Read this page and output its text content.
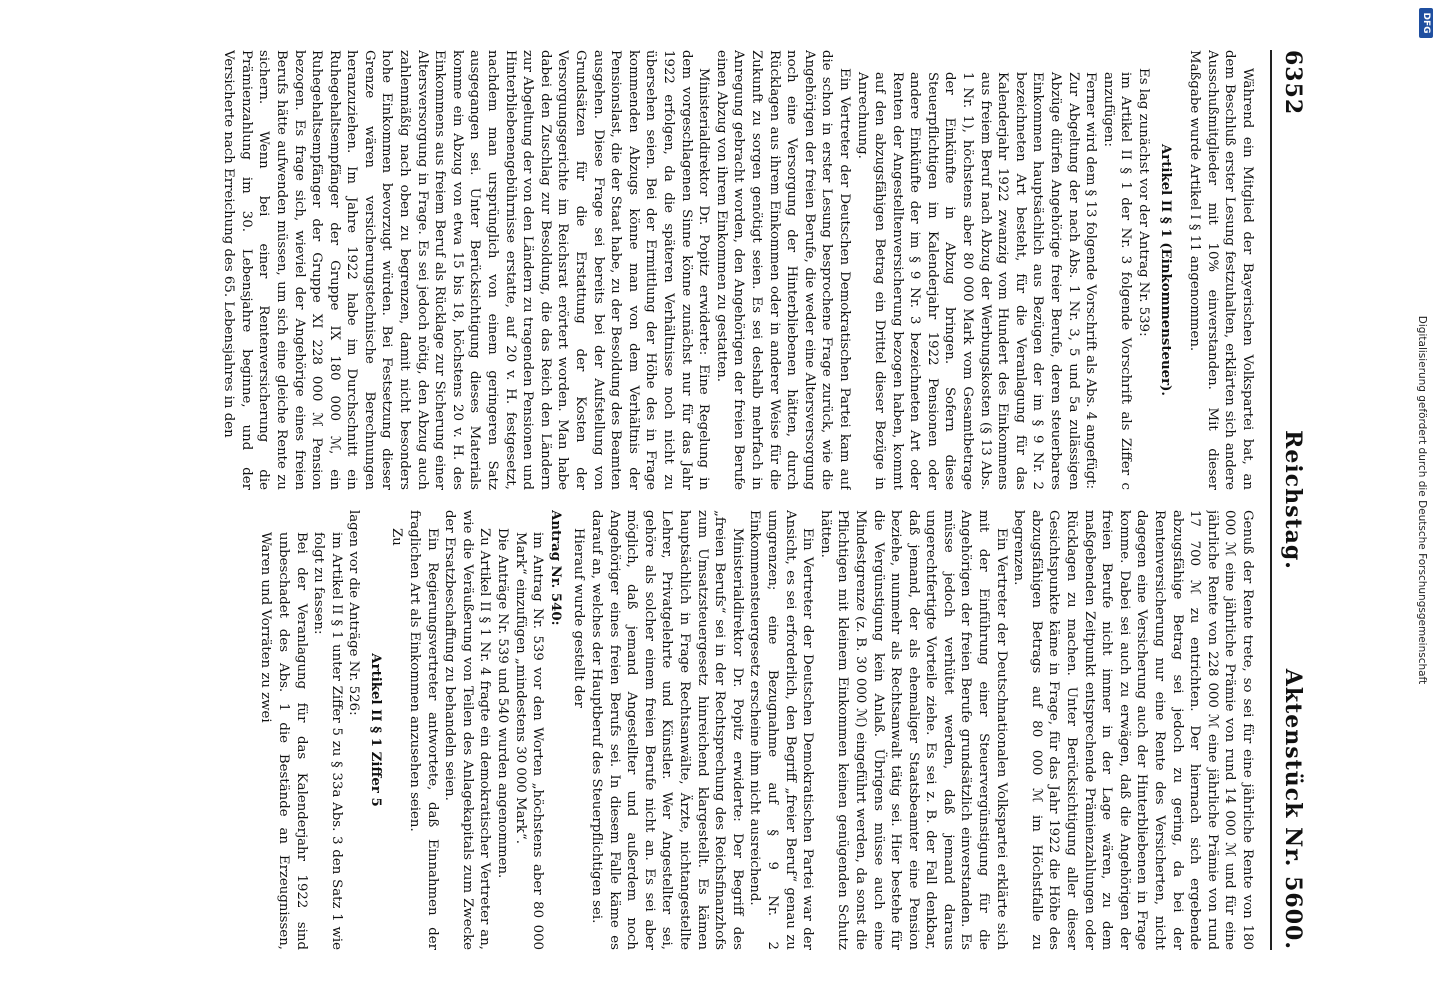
6352
Reichstag.
Aktenstück Nr. 5600.

Während ein Mitglied der Bayerischen Volkspartei bat, an dem Beschluß erster Lesung festzuhalten, erklärten sich andere Ausschußmitglieder mit 10% einverstanden. Mit dieser Maßgabe wurde Artikel I § 11 angenommen.

Artikel II § 1 (Einkommensteuer).

Es lag zunächst vor der Antrag Nr. 539:

im Artikel II § 1 der Nr. 3 folgende Vorschrift als Ziffer c anzufügen:

Ferner wird dem § 13 folgende Vorschrift als Abs. 4 angefügt:

Zur Abgeltung der nach Abs. 1 Nr. 3, 5 und 5a zulässigen Abzüge dürfen Angehörige freier Berufe, deren steuerbares Einkommen hauptsächlich aus Bezügen der im § 9 Nr. 2 bezeichneten Art besteht, für die Veranlagung für das Kalenderjahr 1922 zwanzig vom Hundert des Einkommens aus freiem Beruf nach Abzug der Werbungskosten (§ 13 Abs. 1 Nr. 1), höchstens aber 80 000 Mark vom Gesamtbetrage der Einkünfte in Abzug bringen. Sofern diese Steuerpflichtigen im Kalenderjahr 1922 Pensionen oder andere Einkünfte der im § 9 Nr. 3 bezeichneten Art oder Renten der Angestelltenversicherung bezogen haben, kommt auf den abzugsfähigen Betrag ein Drittel dieser Bezüge in Anrechnung.

Ein Vertreter der Deutschen Demokratischen Partei kam auf die schon in erster Lesung besprochene Frage zurück, wie die Angehörigen der freien Berufe, die weder eine Altersversorgung noch eine Versorgung der Hinterbliebenen hätten, durch Rücklagen aus ihrem Einkommen oder in anderer Weise für die Zukunft zu sorgen genötigt seien. Es sei deshalb mehrfach in Anregung gebracht worden, den Angehörigen der freien Berufe einen Abzug von ihrem Einkommen zu gestatten.

Ministerialdirektor Dr. Popitz erwiderte: Eine Regelung in dem vorgeschlagenen Sinne könne zunächst nur für das Jahr 1922 erfolgen, da die späteren Verhältnisse noch nicht zu übersehen seien. Bei der Ermittlung der Höhe des in Frage kommenden Abzugs könne man von dem Verhältnis der Pensionslast, die der Staat habe, zu der Besoldung des Beamten ausgehen. Diese Frage sei bereits bei der Aufstellung von Grundsätzen für die Erstattung der Kosten der Versorgungsgerichte im Reichsrat erörtert worden. Man habe dabei den Zuschlag zur Besoldung, die das Reich den Ländern zur Abgeltung der von den Ländern zu tragenden Pensionen und Hinterbliebenengebührnisse erstatte, auf 20 v. H. festgesetzt, nachdem man ursprünglich von einem geringeren Satz ausgegangen sei. Unter Berücksichtigung dieses Materials komme ein Abzug von etwa 15 bis 18, höchstens 20 v. H. des Einkommens aus freiem Beruf als Rücklage zur Sicherung einer Altersversorgung in Frage. Es sei jedoch nötig, den Abzug auch zahlenmäßig nach oben zu begrenzen, damit nicht besonders hohe Einkommen bevorzugt würden. Bei Festsetzung dieser Grenze wären versicherungstechnische Berechnungen heranzuziehen. Im Jahre 1922 habe im Durchschnitt ein Ruhegehaltsempfänger der Gruppe IX 180 000 ℳ, ein Ruhegehaltsempfänger der Gruppe XI 228 000 ℳ Pension bezogen. Es frage sich, wieviel der Angehörige eines freien Berufs hätte aufwenden müssen, um sich eine gleiche Rente zu sichern. Wenn bei einer Rentenversicherung die Prämienzahlung im 30. Lebensjahre beginne, und der Versicherte nach Erreichung des 65. Lebensjahres in den

Genuß der Rente trete, so sei für eine jährliche Rente von 180 000 ℳ eine jährliche Prämie von rund 14 000 ℳ und für eine jährliche Rente von 228 000 ℳ eine jährliche Prämie von rund 17 700 ℳ zu entrichten. Der hiernach sich ergebende abzugsfähige Betrag sei jedoch zu gering, da bei der Rentenversicherung nur eine Rente des Versicherten, nicht dagegen eine Versicherung auch der Hinterbliebenen in Frage komme. Dabei sei auch zu erwägen, daß die Angehörigen der freien Berufe nicht immer in der Lage wären, zu dem maßgebenden Zeitpunkt entsprechende Prämienzahlungen oder Rücklagen zu machen. Unter Berücksichtigung aller dieser Gesichtspunkte käme in Frage, für das Jahr 1922 die Höhe des abzugsfähigen Betrags auf 80 000 ℳ im Höchstfalle zu begrenzen.

Ein Vertreter der Deutschnationalen Volkspartei erklärte sich mit der Einführung einer Steuervergünstigung für die Angehörigen der freien Berufe grundsätzlich einverstanden. Es müsse jedoch verhütet werden, daß jemand daraus ungerechtfertigte Vorteile ziehe. Es sei z. B. der Fall denkbar, daß jemand, der als ehemaliger Staatsbeamter eine Pension beziehe, nunmehr als Rechtsanwalt tätig sei. Hier bestehe für die Vergünstigung kein Anlaß. Übrigens müsse auch eine Mindestgrenze (z. B. 30 000 ℳ) eingeführt werden, da sonst die Pflichtigen mit kleinem Einkommen keinen genügenden Schutz hätten.

Ein Vertreter der Deutschen Demokratischen Partei war der Ansicht, es sei erforderlich, den Begriff „freier Beruf“ genau zu umgrenzen; eine Bezugnahme auf § 9 Nr. 2 Einkommensteuergesetz erscheine ihm nicht ausreichend.

Ministerialdirektor Dr. Popitz erwiderte: Der Begriff des „freien Berufs“ sei in der Rechtsprechung des Reichsfinanzhofs zum Umsatzsteuergesetz hinreichend klargestellt. Es kämen hauptsächlich in Frage Rechtsanwälte, Ärzte, nichtangestellte Lehrer, Privatgelehrte und Künstler. Wer Angestellter sei, gehöre als solcher einem freien Berufe nicht an. Es sei aber möglich, daß jemand Angestellter und außerdem noch Angehöriger eines freien Berufs sei. In diesem Falle käme es darauf an, welches der Hauptberuf des Steuerpflichtigen sei.

Hierauf wurde gestellt der

Antrag Nr. 540:

im Antrag Nr. 539 vor den Worten „höchstens aber 80 000 Mark“ einzufügen „mindestens 30 000 Mark“.

Die Anträge Nr. 539 und 540 wurden angenommen.

Zu Artikel II § 1 Nr. 4 fragte ein demokratischer Vertreter an, wie die Veräußerung von Teilen des Anlagekapitals zum Zwecke der Ersatzbeschaffung zu behandeln seien.

Ein Regierungsvertreter antwortete, daß Einnahmen der fraglichen Art als Einkommen anzusehen seien.

Zu

Artikel II § 1 Ziffer 5

lagen vor die Anträge Nr. 526:

im Artikel II § 1 unter Ziffer 5 zu § 33a Abs. 3 den Satz 1 wie folgt zu fassen:

Bei der Veranlagung für das Kalenderjahr 1922 sind unbeschadet des Abs. 1 die Bestände an Erzeugnissen, Waren und Vorräten zu zwei

DFG
Digitalisierung gefördert durch die Deutsche Forschungsgemeinschaft
